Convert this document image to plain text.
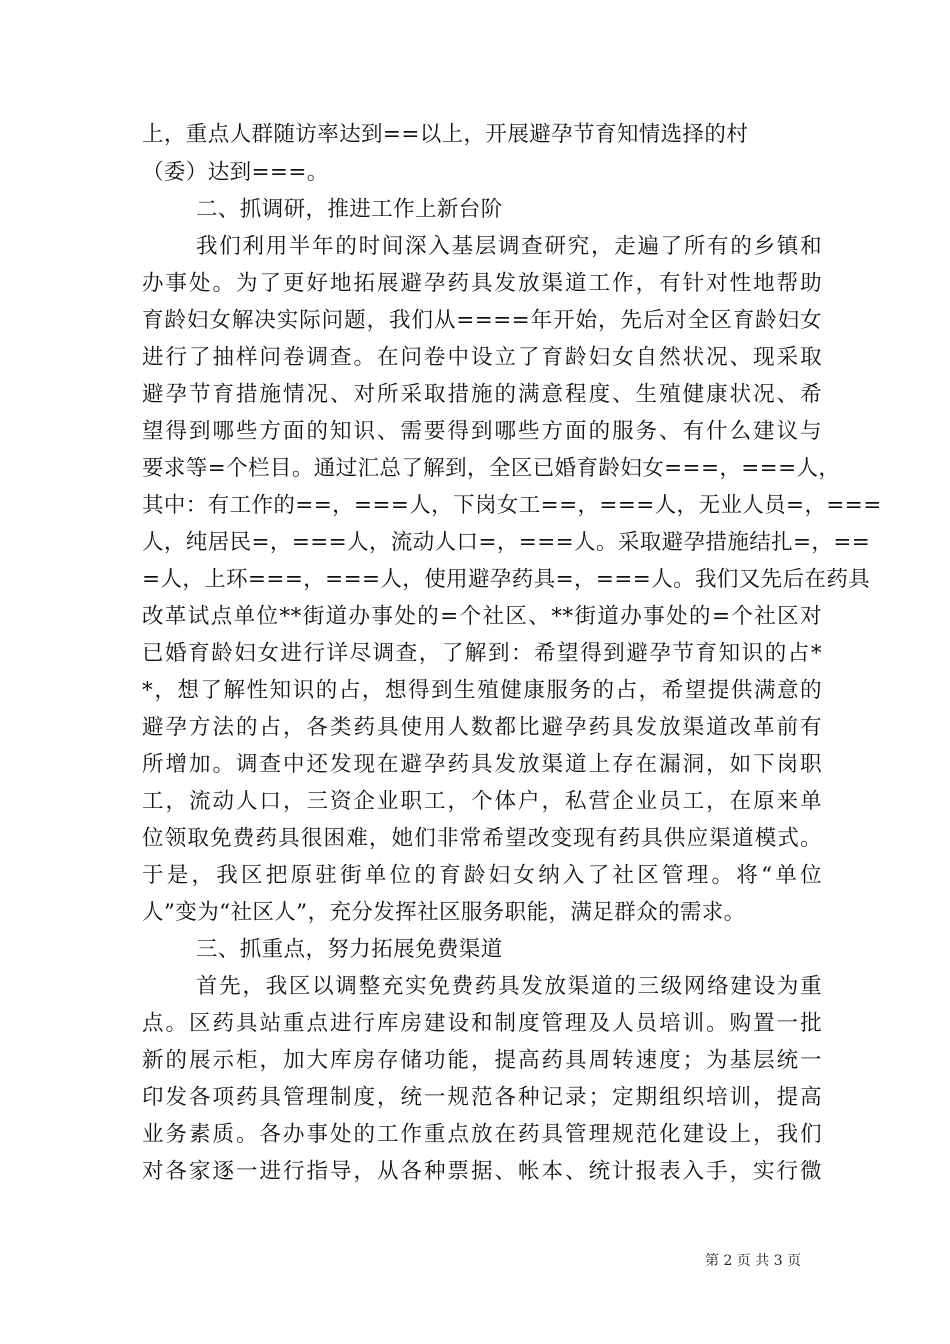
上，重点人群随访率达到==以上，开展避孕节育知情选择的村
（委）达到===。
二、抓调研，推进工作上新台阶
我们利用半年的时间深入基层调查研究，走遍了所有的乡镇和
办事处。为了更好地拓展避孕药具发放渠道工作，有针对性地帮助
育龄妇女解决实际问题，我们从====年开始，先后对全区育龄妇女
进行了抽样问卷调查。在问卷中设立了育龄妇女自然状况、现采取
避孕节育措施情况、对所采取措施的满意程度、生殖健康状况、希
望得到哪些方面的知识、需要得到哪些方面的服务、有什么建议与
要求等=个栏目。通过汇总了解到，全区已婚育龄妇女===，===人，
其中：有工作的==，===人，下岗女工==，===人，无业人员=，===
人，纯居民=，===人，流动人口=，===人。采取避孕措施结扎=，==
=人，上环===，===人，使用避孕药具=，===人。我们又先后在药具
改革试点单位**街道办事处的=个社区、**街道办事处的=个社区对
已婚育龄妇女进行详尽调查，了解到：希望得到避孕节育知识的占*
*，想了解性知识的占，想得到生殖健康服务的占，希望提供满意的
避孕方法的占，各类药具使用人数都比避孕药具发放渠道改革前有
所增加。调查中还发现在避孕药具发放渠道上存在漏洞，如下岗职
工，流动人口，三资企业职工，个体户，私营企业员工，在原来单
位领取免费药具很困难，她们非常希望改变现有药具供应渠道模式。
于是，我区把原驻街单位的育龄妇女纳入了社区管理。将“单位
人”变为“社区人”，充分发挥社区服务职能，满足群众的需求。
三、抓重点，努力拓展免费渠道
首先，我区以调整充实免费药具发放渠道的三级网络建设为重
点。区药具站重点进行库房建设和制度管理及人员培训。购置一批
新的展示柜，加大库房存储功能，提高药具周转速度；为基层统一
印发各项药具管理制度，统一规范各种记录；定期组织培训，提高
业务素质。各办事处的工作重点放在药具管理规范化建设上，我们
对各家逐一进行指导，从各种票据、帐本、统计报表入手，实行微
第 2 页 共 3 页
